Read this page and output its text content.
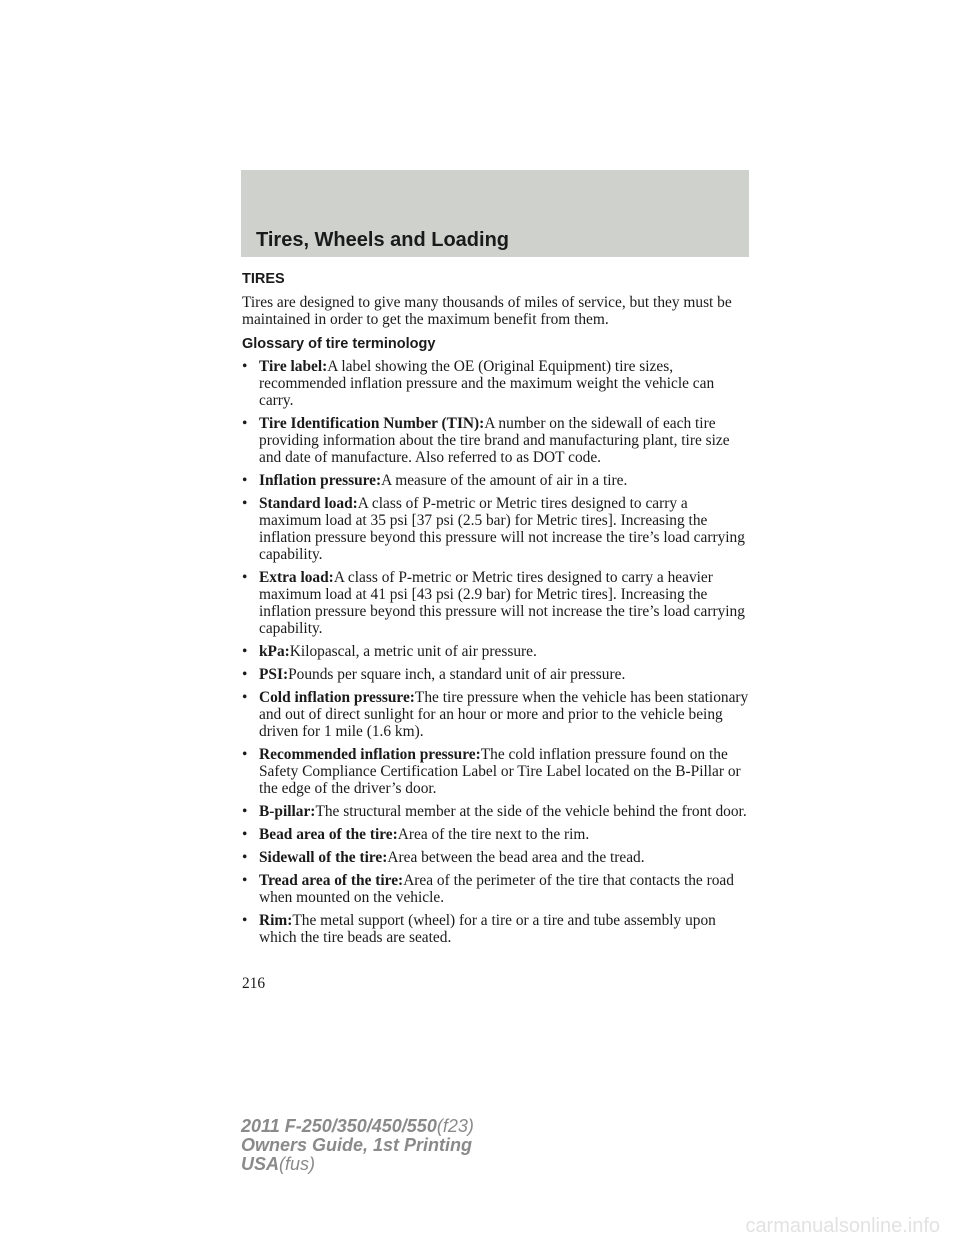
Tires, Wheels and Loading
TIRES

Tires are designed to give many thousands of miles of service, but they must be maintained in order to get the maximum benefit from them.

Glossary of tire terminology
• Tire label:A label showing the OE (Original Equipment) tire sizes, recommended inflation pressure and the maximum weight the vehicle can carry.
• Tire Identification Number (TIN):A number on the sidewall of each tire providing information about the tire brand and manufacturing plant, tire size and date of manufacture. Also referred to as DOT code.
• Inflation pressure:A measure of the amount of air in a tire.
• Standard load:A class of P-metric or Metric tires designed to carry a maximum load at 35 psi [37 psi (2.5 bar) for Metric tires]. Increasing the inflation pressure beyond this pressure will not increase the tire’s load carrying capability.
• Extra load:A class of P-metric or Metric tires designed to carry a heavier maximum load at 41 psi [43 psi (2.9 bar) for Metric tires]. Increasing the inflation pressure beyond this pressure will not increase the tire’s load carrying capability.
• kPa:Kilopascal, a metric unit of air pressure.
• PSI:Pounds per square inch, a standard unit of air pressure.
• Cold inflation pressure:The tire pressure when the vehicle has been stationary and out of direct sunlight for an hour or more and prior to the vehicle being driven for 1 mile (1.6 km).
• Recommended inflation pressure:The cold inflation pressure found on the Safety Compliance Certification Label or Tire Label located on the B-Pillar or the edge of the driver’s door.
• B-pillar:The structural member at the side of the vehicle behind the front door.
• Bead area of the tire:Area of the tire next to the rim.
• Sidewall of the tire:Area between the bead area and the tread.
• Tread area of the tire:Area of the perimeter of the tire that contacts the road when mounted on the vehicle.
• Rim:The metal support (wheel) for a tire or a tire and tube assembly upon which the tire beads are seated.

216

2011 F-250/350/450/550(f23)
Owners Guide, 1st Printing
USA(fus)
carmanualsonline.info
